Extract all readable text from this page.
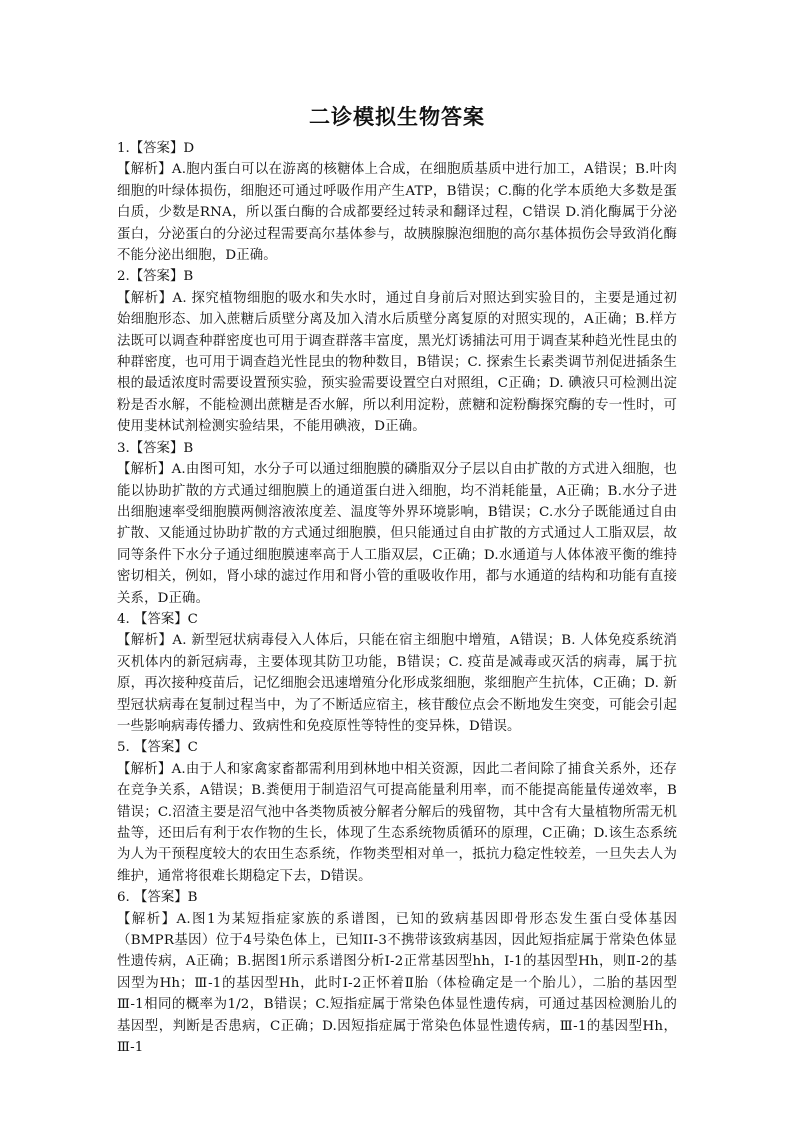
二诊模拟生物答案
1.【答案】D
【解析】A.胞内蛋白可以在游离的核糖体上合成，在细胞质基质中进行加工，A错误；B.叶肉细胞的叶绿体损伤，细胞还可通过呼吸作用产生ATP，B错误；C.酶的化学本质绝大多数是蛋白质，少数是RNA，所以蛋白酶的合成都要经过转录和翻译过程，C错误 D.消化酶属于分泌蛋白，分泌蛋白的分泌过程需要高尔基体参与，故胰腺腺泡细胞的高尔基体损伤会导致消化酶不能分泌出细胞，D正确。
2.【答案】B
【解析】A. 探究植物细胞的吸水和失水时，通过自身前后对照达到实验目的，主要是通过初始细胞形态、加入蔗糖后质壁分离及加入清水后质壁分离复原的对照实现的，A正确；B.样方法既可以调查种群密度也可用于调查群落丰富度，黑光灯诱捕法可用于调查某种趋光性昆虫的种群密度，也可用于调查趋光性昆虫的物种数目，B错误；C. 探索生长素类调节剂促进插条生根的最适浓度时需要设置预实验，预实验需要设置空白对照组，C正确；D. 碘液只可检测出淀粉是否水解，不能检测出蔗糖是否水解，所以利用淀粉，蔗糖和淀粉酶探究酶的专一性时，可使用斐林试剂检测实验结果，不能用碘液，D正确。
3.【答案】B
【解析】A.由图可知，水分子可以通过细胞膜的磷脂双分子层以自由扩散的方式进入细胞，也能以协助扩散的方式通过细胞膜上的通道蛋白进入细胞，均不消耗能量，A正确；B.水分子进出细胞速率受细胞膜两侧溶液浓度差、温度等外界环境影响，B错误；C.水分子既能通过自由扩散、又能通过协助扩散的方式通过细胞膜，但只能通过自由扩散的方式通过人工脂双层，故同等条件下水分子通过细胞膜速率高于人工脂双层，C正确；D.水通道与人体体液平衡的维持密切相关，例如，肾小球的滤过作用和肾小管的重吸收作用，都与水通道的结构和功能有直接关系，D正确。
4. 【答案】C
【解析】A. 新型冠状病毒侵入人体后，只能在宿主细胞中增殖，A错误；B. 人体免疫系统消灭机体内的新冠病毒，主要体现其防卫功能，B错误；C. 疫苗是减毒或灭活的病毒，属于抗原，再次接种疫苗后，记忆细胞会迅速增殖分化形成浆细胞，浆细胞产生抗体，C正确；D. 新型冠状病毒在复制过程当中，为了不断适应宿主，核苷酸位点会不断地发生突变，可能会引起一些影响病毒传播力、致病性和免疫原性等特性的变异株，D错误。
5. 【答案】C
【解析】A.由于人和家禽家畜都需利用到林地中相关资源，因此二者间除了捕食关系外，还存在竞争关系，A错误；B.粪便用于制造沼气可提高能量利用率，而不能提高能量传递效率，B错误；C.沼渣主要是沼气池中各类物质被分解者分解后的残留物，其中含有大量植物所需无机盐等，还田后有利于农作物的生长，体现了生态系统物质循环的原理，C正确；D.该生态系统为人为干预程度较大的农田生态系统，作物类型相对单一，抵抗力稳定性较差，一旦失去人为维护，通常将很难长期稳定下去，D错误。
6. 【答案】B
【解析】A.图1为某短指症家族的系谱图，已知的致病基因即骨形态发生蛋白受体基因（BMPR基因）位于4号染色体上，已知II-3不携带该致病基因，因此短指症属于常染色体显性遗传病，A正确；B.据图1所示系谱图分析I-2正常基因型hh，I-1的基因型Hh，则Ⅱ-2的基因型为Hh；Ⅲ-1的基因型Hh，此时I-2正怀着Ⅱ胎（体检确定是一个胎儿），二胎的基因型Ⅲ-1相同的概率为1/2，B错误；C.短指症属于常染色体显性遗传病，可通过基因检测胎儿的基因型，判断是否患病，C正确；D.因短指症属于常染色体显性遗传病，Ⅲ-1的基因型Hh，Ⅲ-1
